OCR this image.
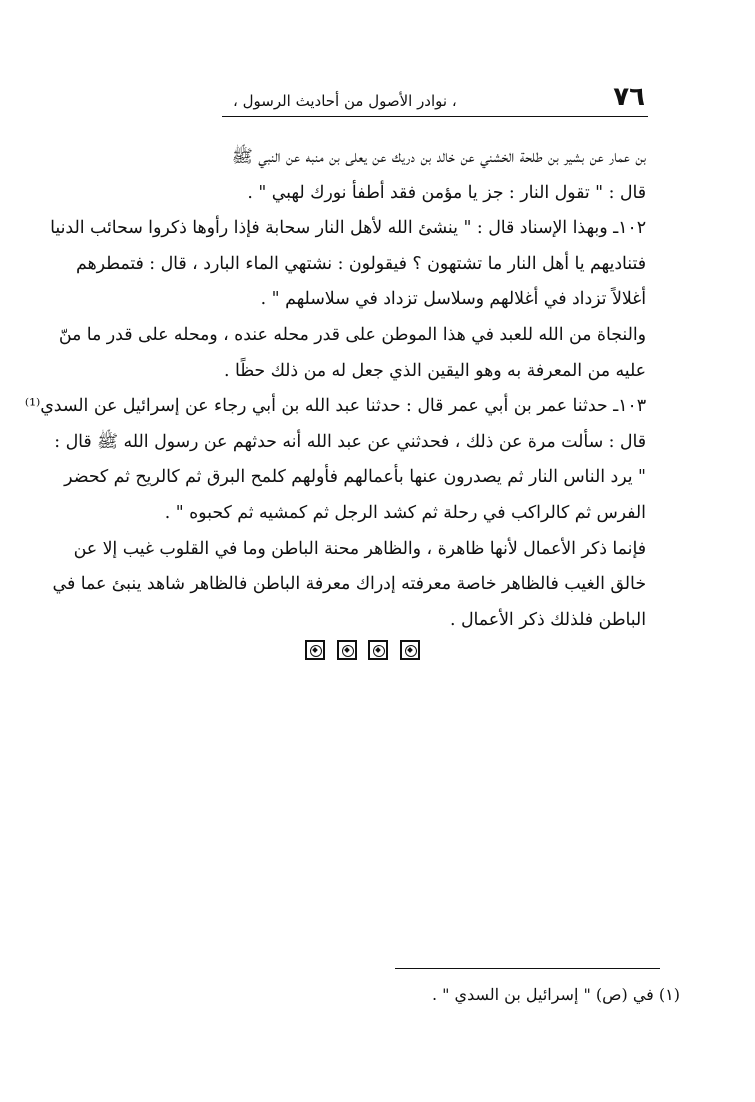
٧٦
، نوادر الأصول من أحاديث الرسول ،
بن عمار عن بشير بن طلحة الخشني عن خالد بن دريك عن يعلى بن منبه عن النبي ﷺ
قال : " تقول النار : جز يا مؤمن فقد أطفأ نورك لهبي " .
١٠٢ـ وبهذا الإسناد قال : " ينشئ الله لأهل النار سحابة فإذا رأوها ذكروا سحائب الدنيا
فتناديهم يا أهل النار ما تشتهون ؟ فيقولون : نشتهي الماء البارد ، قال : فتمطرهم
أغلالاً تزداد في أغلالهم وسلاسل تزداد في سلاسلهم " .
والنجاة من الله للعبد في هذا الموطن على قدر محله عنده ، ومحله على قدر ما منّ
عليه من المعرفة به وهو اليقين الذي جعل له من ذلك حظًا .
١٠٣ـ حدثنا عمر بن أبي عمر قال : حدثنا عبد الله بن أبي رجاء عن إسرائيل عن السدي⁽¹⁾
قال : سألت مرة عن ذلك ، فحدثني عن عبد الله أنه حدثهم عن رسول الله ﷺ قال :
" يرد الناس النار ثم يصدرون عنها بأعمالهم فأولهم كلمح البرق ثم كالريح ثم كحضر
الفرس ثم كالراكب في رحلة ثم كشد الرجل ثم كمشيه ثم كحبوه " .
فإنما ذكر الأعمال لأنها ظاهرة ، والظاهر محنة الباطن وما في القلوب غيب إلا عن
خالق الغيب فالظاهر خاصة معرفته إدراك معرفة الباطن فالظاهر شاهد ينبئ عما في
الباطن فلذلك ذكر الأعمال .
(١) في (ص) " إسرائيل بن السدي " .
